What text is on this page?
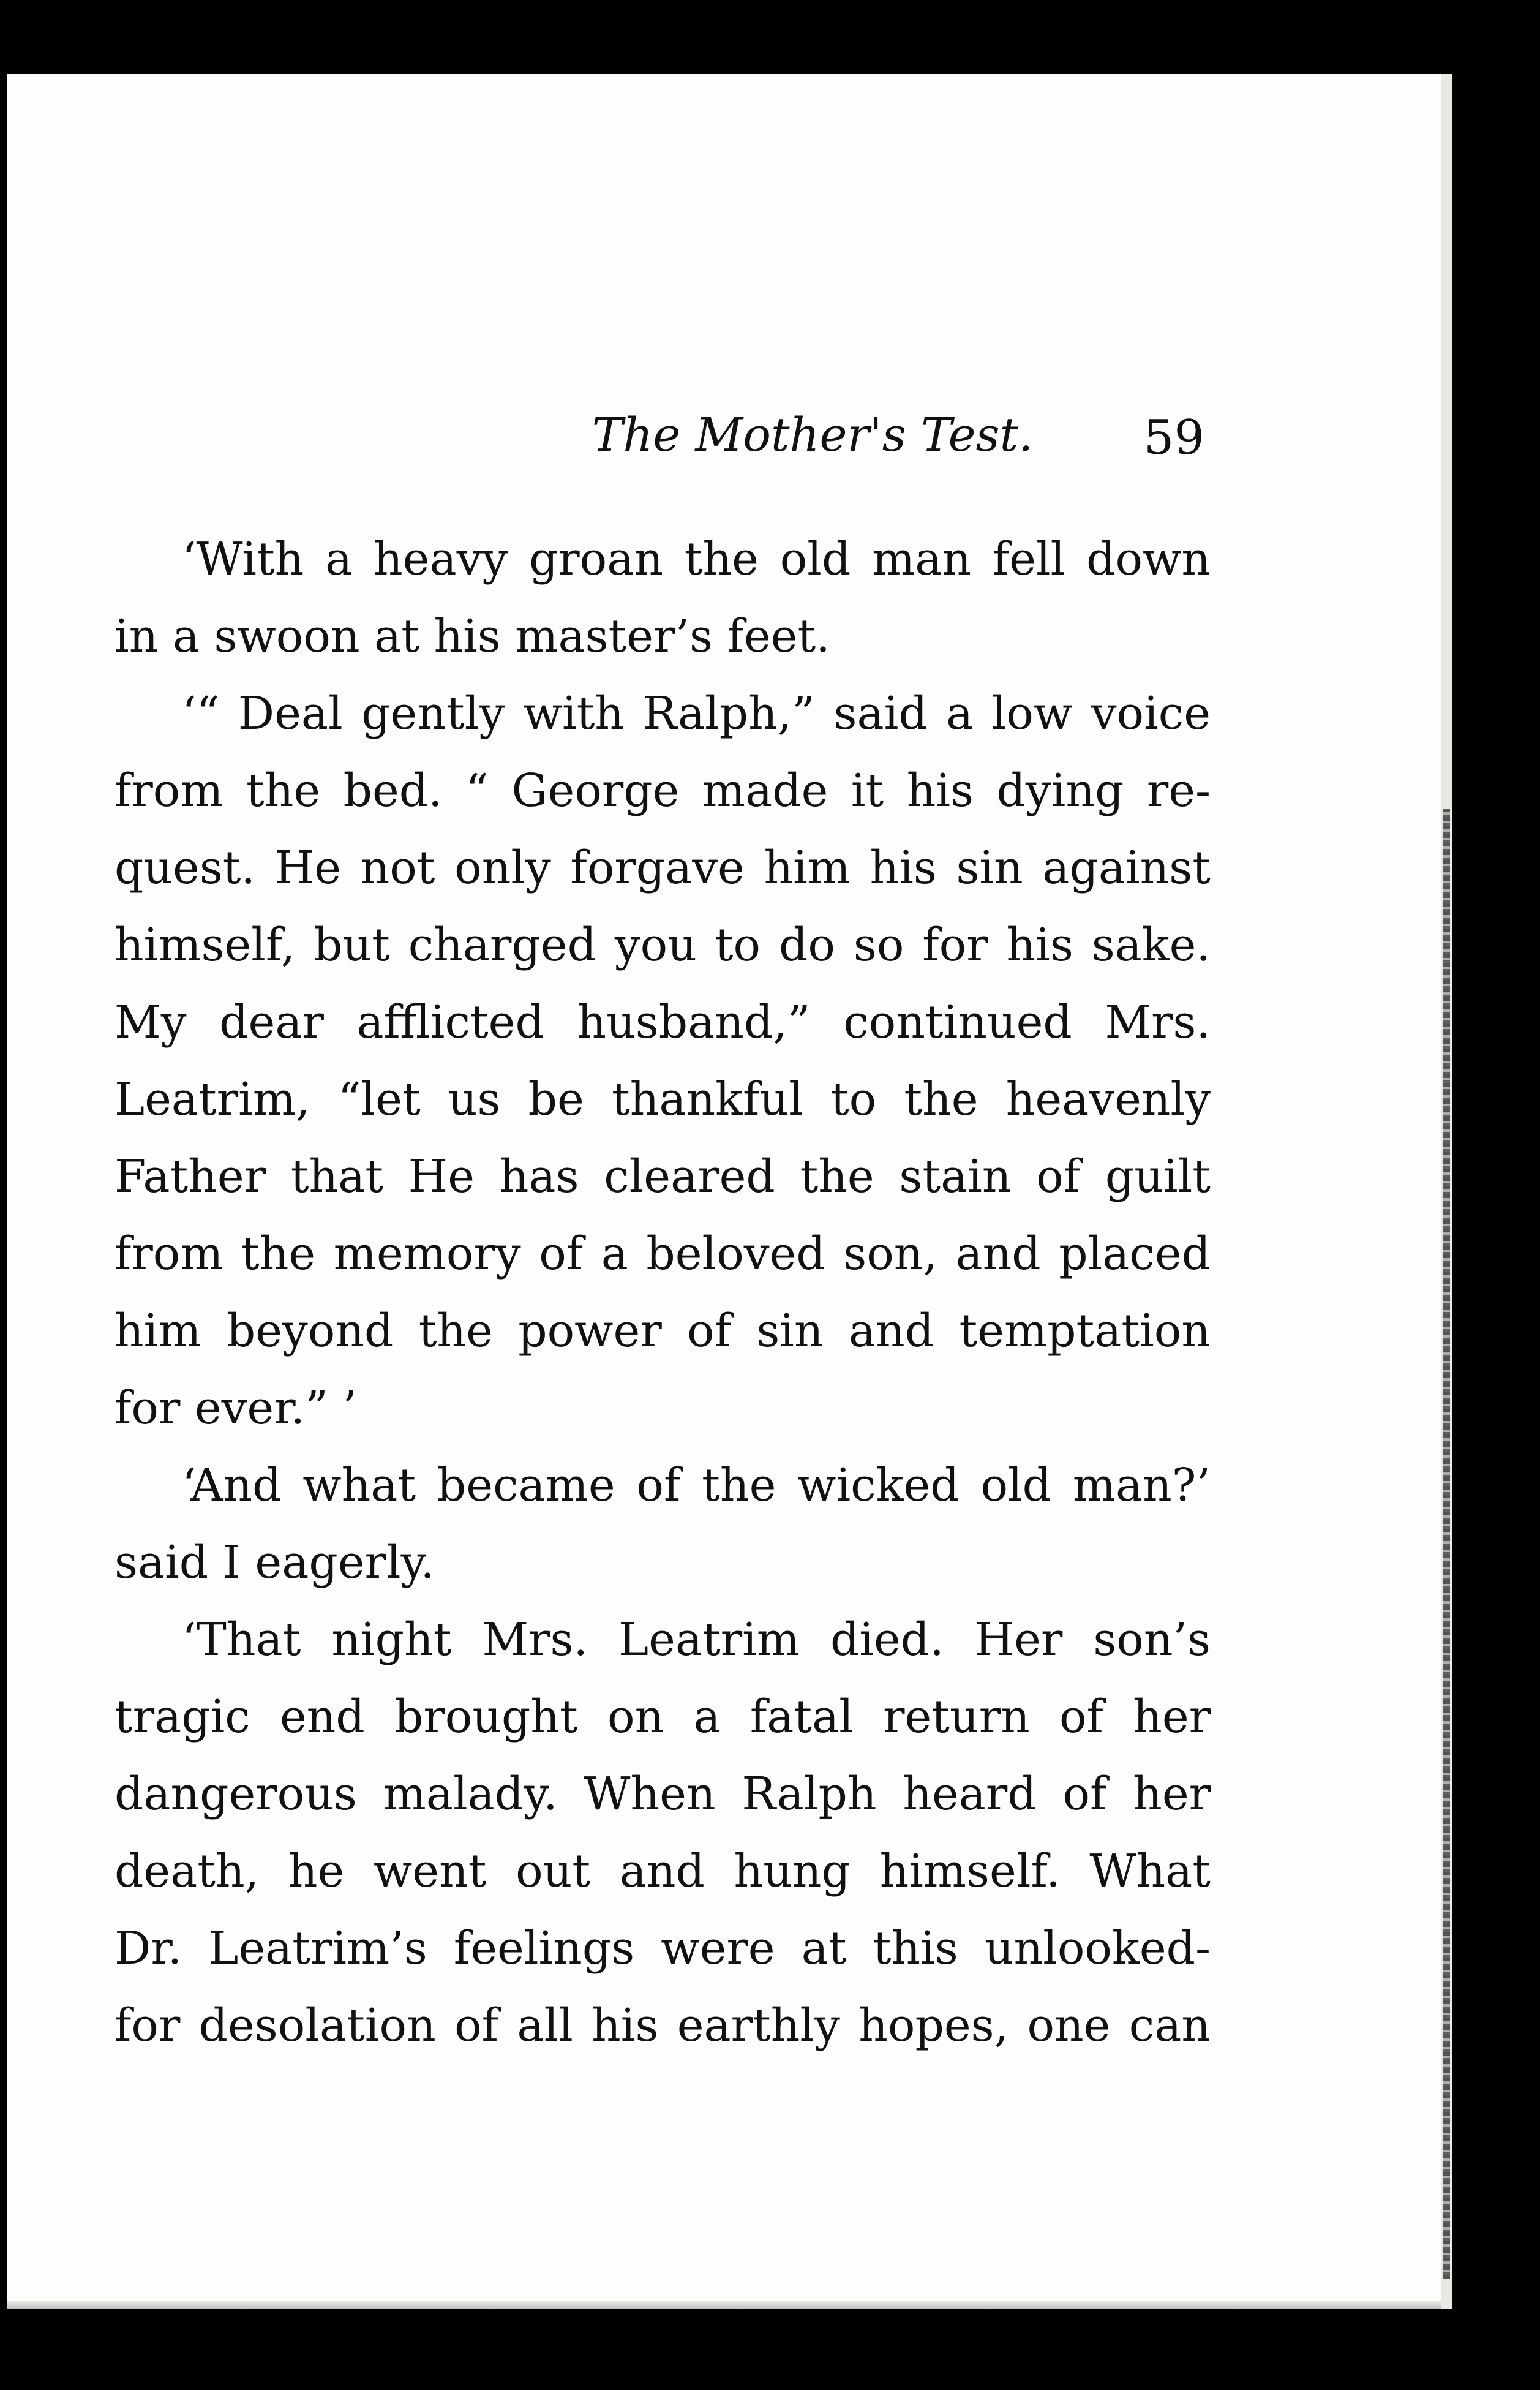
The Mother's Test.	59
‘With a heavy groan the old man fell down
in a swoon at his master’s feet.
‘“ Deal gently with Ralph,” said a low voice
from the bed. “ George made it his dying re-
quest. He not only forgave him his sin against
himself, but charged you to do so for his sake.
My dear afflicted husband,” continued Mrs.
Leatrim, “let us be thankful to the heavenly
Father that He has cleared the stain of guilt
from the memory of a beloved son, and placed
him beyond the power of sin and temptation
for ever.” ’
‘And what became of the wicked old man?’
said I eagerly.
‘That night Mrs. Leatrim died. Her son’s
tragic end brought on a fatal return of her
dangerous malady. When Ralph heard of her
death, he went out and hung himself. What
Dr. Leatrim’s feelings were at this unlooked-
for desolation of all his earthly hopes, one can
